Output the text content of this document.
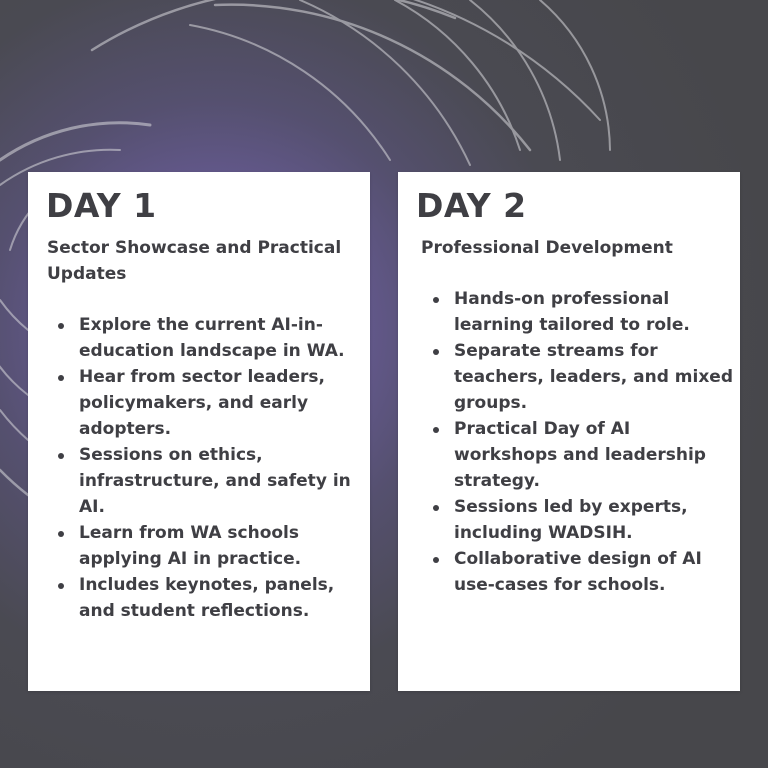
DAY 1

Sector Showcase and Practical Updates

Explore the current AI-in-education landscape in WA.
Hear from sector leaders, policymakers, and early adopters.
Sessions on ethics, infrastructure, and safety in AI.
Learn from WA schools applying AI in practice.
Includes keynotes, panels, and student reflections.
DAY 2

Professional Development

Hands-on professional learning tailored to role.
Separate streams for teachers, leaders, and mixed groups.
Practical Day of AI workshops and leadership strategy.
Sessions led by experts, including WADSIH.
Collaborative design of AI use-cases for schools.
